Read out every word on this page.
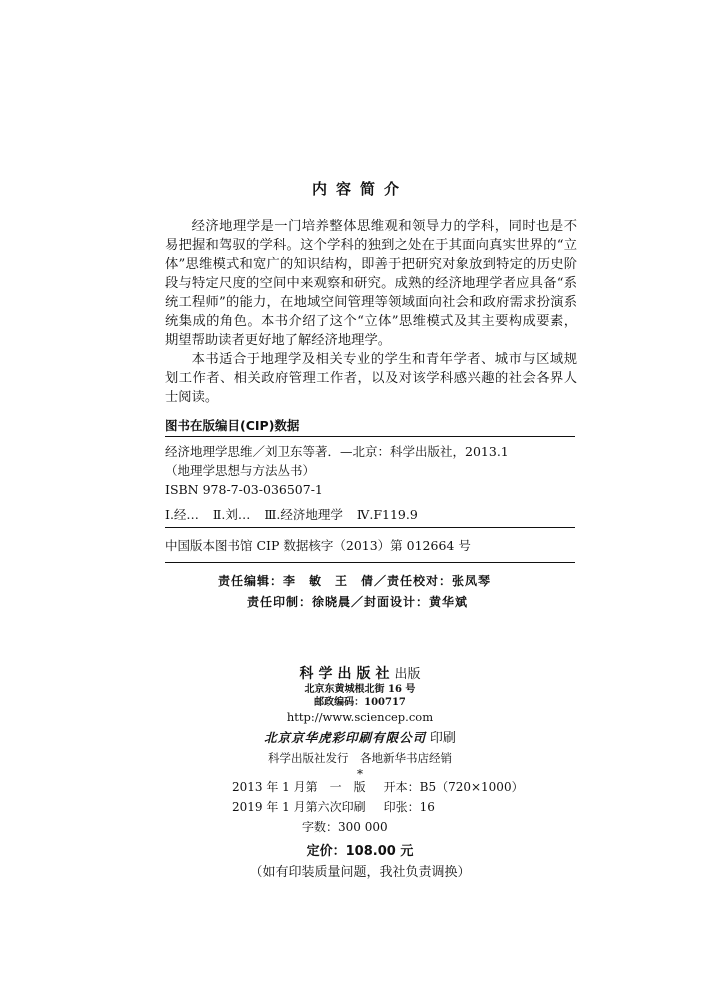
内容简介

经济地理学是一门培养整体思维观和领导力的学科，同时也是不易把握和驾驭的学科。这个学科的独到之处在于其面向真实世界的“立体”思维模式和宽广的知识结构，即善于把研究对象放到特定的历史阶段与特定尺度的空间中来观察和研究。成熟的经济地理学者应具备“系统工程师”的能力，在地域空间管理等领域面向社会和政府需求扮演系统集成的角色。本书介绍了这个“立体”思维模式及其主要构成要素，期望帮助读者更好地了解经济地理学。

本书适合于地理学及相关专业的学生和青年学者、城市与区域规划工作者、相关政府管理工作者，以及对该学科感兴趣的社会各界人士阅读。

图书在版编目(CIP)数据
经济地理学思维／刘卫东等著．—北京：科学出版社，2013.1
（地理学思想与方法丛书）
ISBN 978-7-03-036507-1
Ⅰ.经… Ⅱ.刘… Ⅲ.经济地理学 Ⅳ.F119.9
中国版本图书馆 CIP 数据核字（2013）第 012664 号
责任编辑：李　敏　王　倩／责任校对：张凤琴
责任印制：徐晓晨／封面设计：黄华斌
科学出版社出版
北京东黄城根北街 16 号
邮政编码：100717
http://www.sciencep.com
北京京华虎彩印刷有限公司 印刷
科学出版社发行　各地新华书店经销
*
2013 年 1 月第　一　版 开本：B5（720×1000）
2019 年 1 月第六次印刷 印张：16
字数：300 000
定价：108.00 元
（如有印装质量问题，我社负责调换）
